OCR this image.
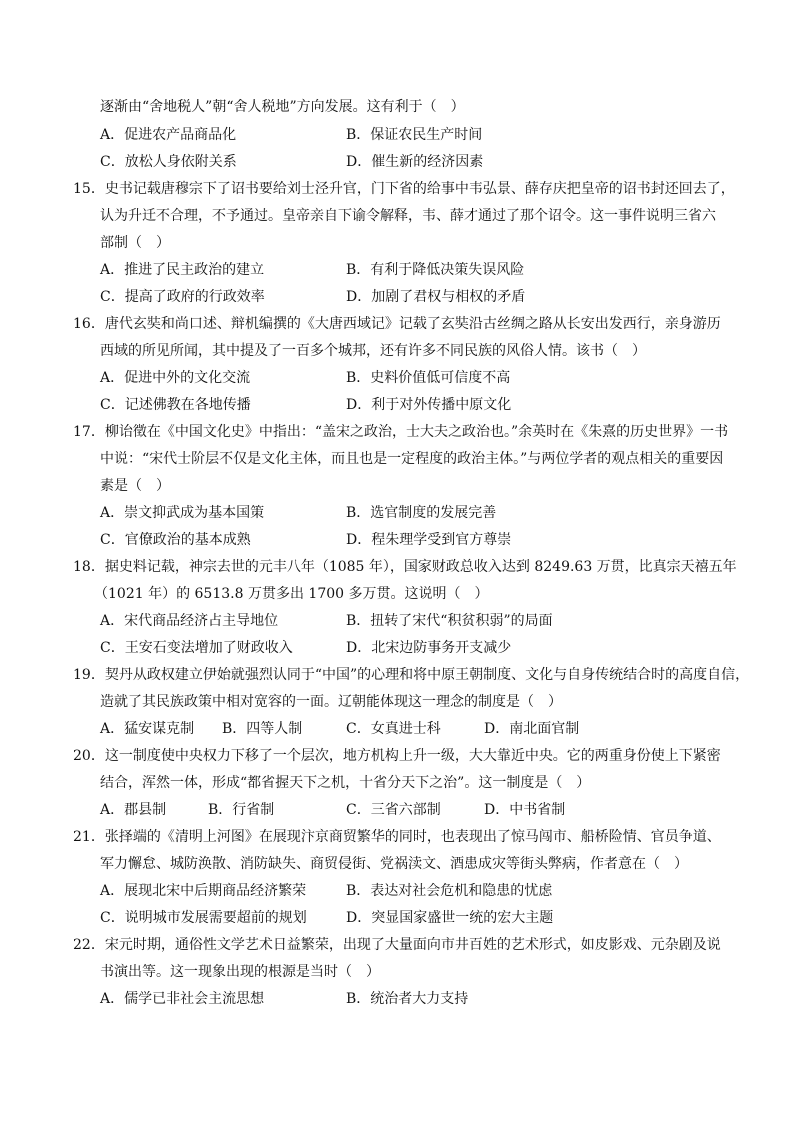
逐渐由“舍地税人”朝“舍人税地”方向发展。这有利于（　）
A．促进农产品商品化	B．保证农民生产时间
C．放松人身依附关系	D．催生新的经济因素
15．史书记载唐穆宗下了诏书要给刘士泾升官，门下省的给事中韦弘景、薛存庆把皇帝的诏书封还回去了，
认为升迁不合理，不予通过。皇帝亲自下谕令解释，韦、薛才通过了那个诏令。这一事件说明三省六
部制（　）
A．推进了民主政治的建立	B．有利于降低决策失误风险
C．提高了政府的行政效率	D．加剧了君权与相权的矛盾
16．唐代玄奘和尚口述、辩机编撰的《大唐西域记》记载了玄奘沿古丝绸之路从长安出发西行，亲身游历
西域的所见所闻，其中提及了一百多个城邦，还有许多不同民族的风俗人情。该书（　）
A．促进中外的文化交流	B．史料价值低可信度不高
C．记述佛教在各地传播	D．利于对外传播中原文化
17．柳诒徵在《中国文化史》中指出：“盖宋之政治，士大夫之政治也。”余英时在《朱熹的历史世界》一书
中说：“宋代士阶层不仅是文化主体，而且也是一定程度的政治主体。”与两位学者的观点相关的重要因
素是（　）
A．崇文抑武成为基本国策	B．选官制度的发展完善
C．官僚政治的基本成熟	D．程朱理学受到官方尊崇
18．据史料记载，神宗去世的元丰八年（1085 年），国家财政总收入达到 8249.63 万贯，比真宗天禧五年
（1021 年）的 6513.8 万贯多出 1700 多万贯。这说明（　）
A．宋代商品经济占主导地位	B．扭转了宋代“积贫积弱”的局面
C．王安石变法增加了财政收入	D．北宋边防事务开支减少
19．契丹从政权建立伊始就强烈认同于“中国”的心理和将中原王朝制度、文化与自身传统结合时的高度自信，
造就了其民族政策中相对宽容的一面。辽朝能体现这一理念的制度是（　）
A．猛安谋克制 B．四等人制	C．女真进士科	D．南北面官制
20．这一制度使中央权力下移了一个层次，地方机构上升一级，大大靠近中央。它的两重身份使上下紧密
结合，浑然一体，形成“都省握天下之机，十省分天下之治”。这一制度是（　）
A．郡县制	B．行省制	C．三省六部制	D．中书省制
21．张择端的《清明上河图》在展现汴京商贸繁华的同时，也表现出了惊马闯市、船桥险情、官员争道、
军力懈怠、城防涣散、消防缺失、商贸侵街、党祸渎文、酒患成灾等街头弊病，作者意在（　）
A．展现北宋中后期商品经济繁荣	B．表达对社会危机和隐患的忧虑
C．说明城市发展需要超前的规划	D．突显国家盛世一统的宏大主题
22．宋元时期，通俗性文学艺术日益繁荣，出现了大量面向市井百姓的艺术形式，如皮影戏、元杂剧及说
书演出等。这一现象出现的根源是当时（　）
A．儒学已非社会主流思想	B．统治者大力支持
